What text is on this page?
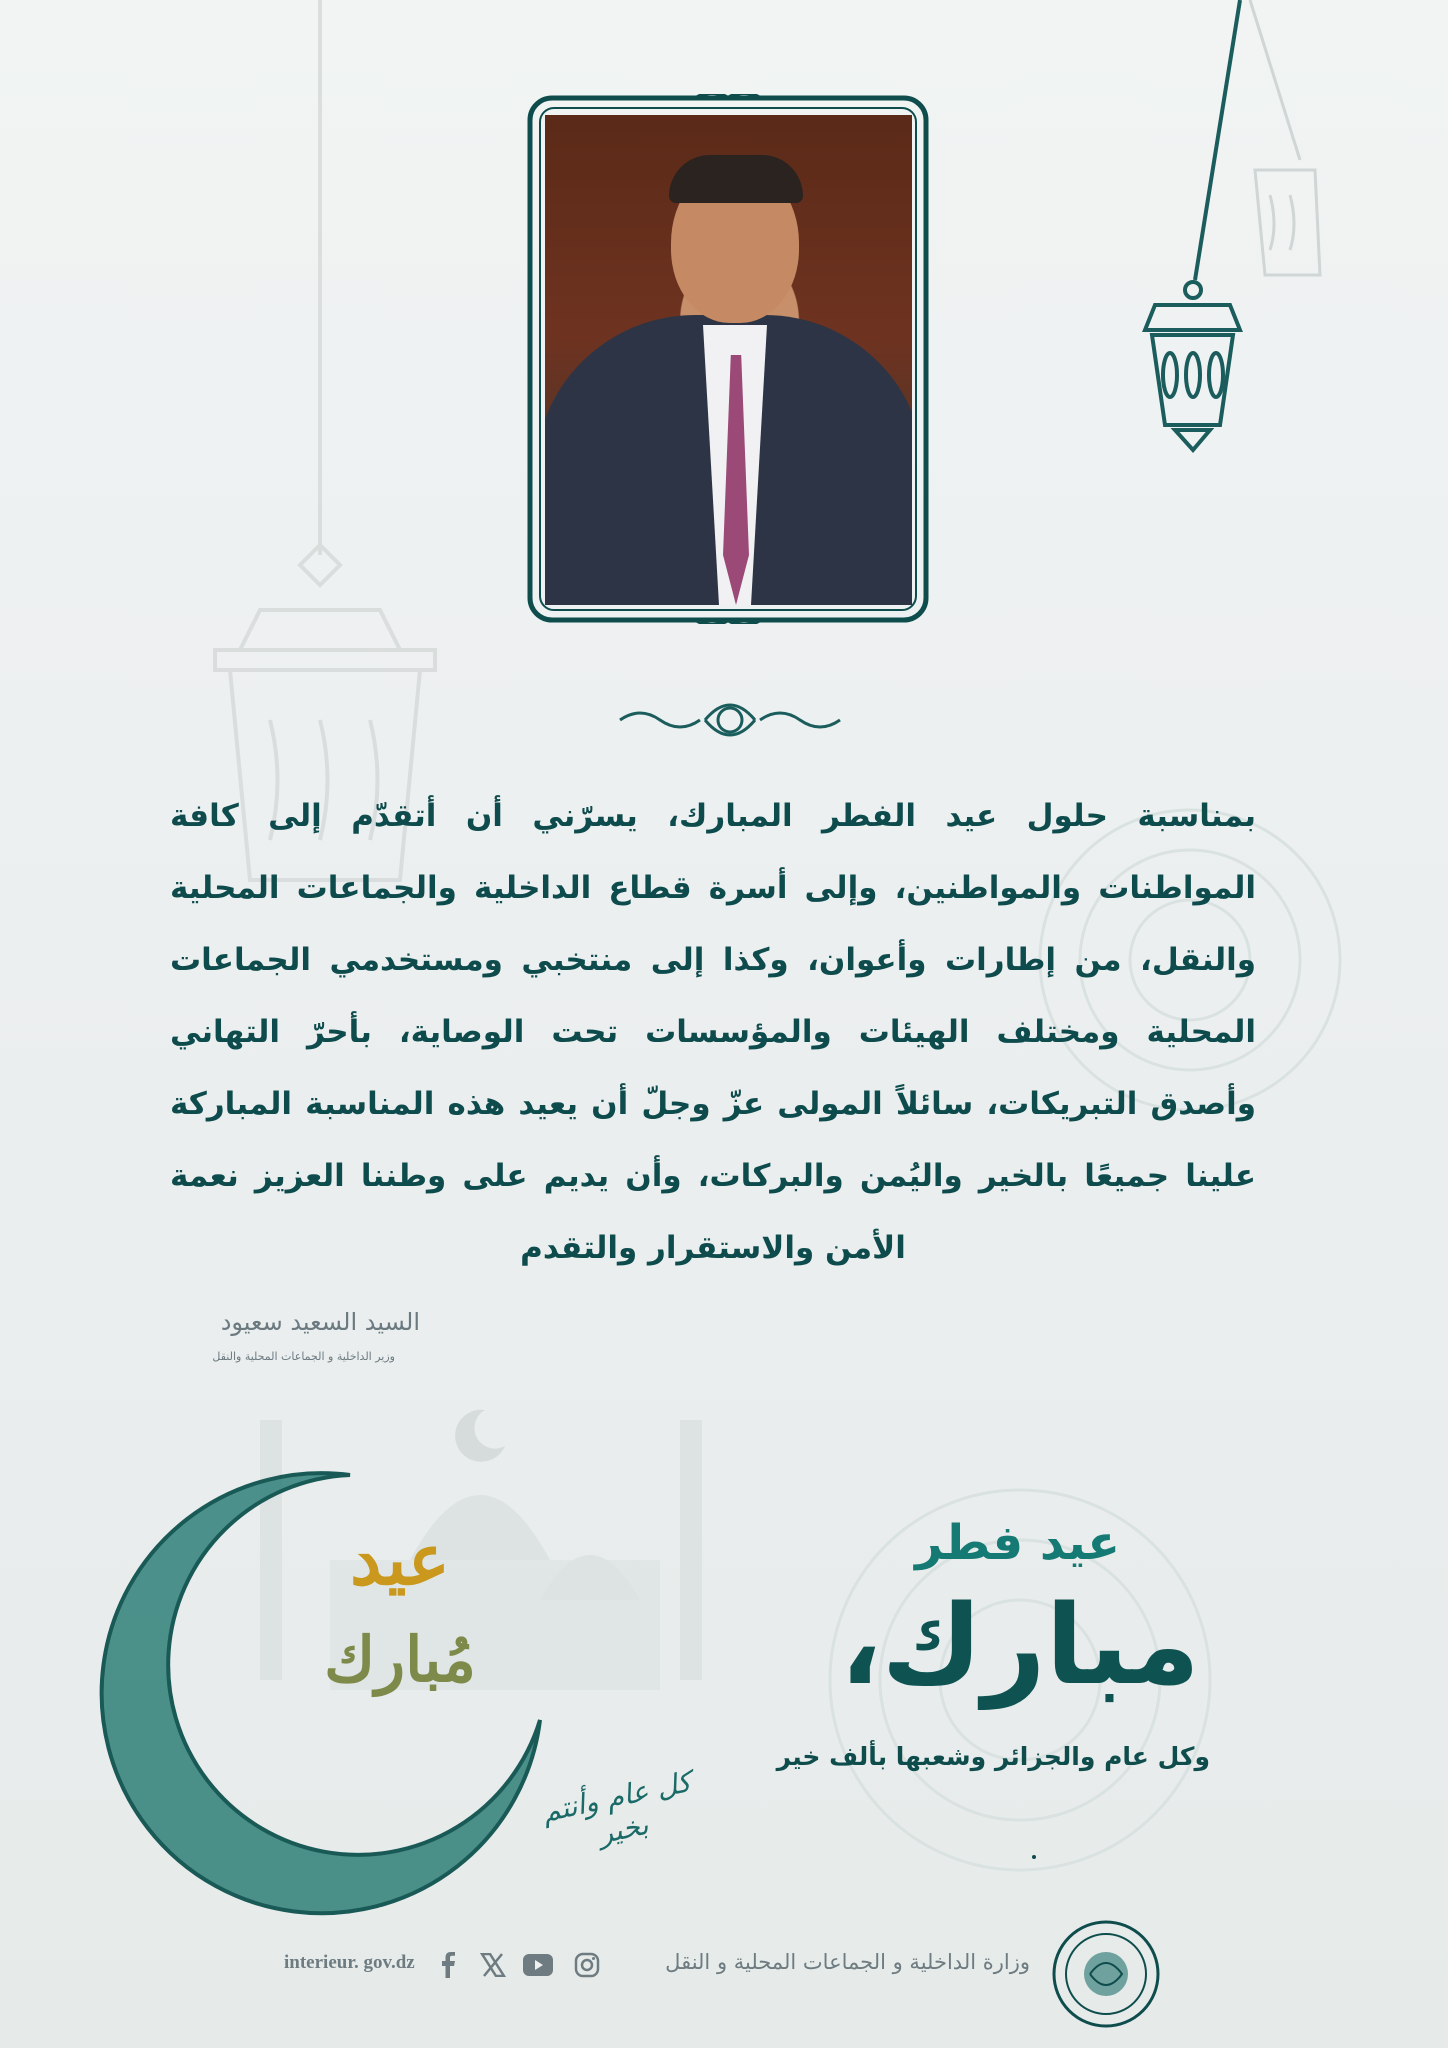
بمناسبة حلول عيد الفطر المبارك، يسرّني أن أتقدّم إلى كافة المواطنات والمواطنين، وإلى أسرة قطاع الداخلية والجماعات المحلية والنقل، من إطارات وأعوان، وكذا إلى منتخبي ومستخدمي الجماعات المحلية ومختلف الهيئات والمؤسسات تحت الوصاية، بأحرّ التهاني وأصدق التبريكات، سائلاً المولى عزّ وجلّ أن يعيد هذه المناسبة المباركة علينا جميعًا بالخير واليُمن والبركات، وأن يديم على وطننا العزيز نعمة الأمن والاستقرار والتقدم

السيد السعيد سعيود
وزير الداخلية و الجماعات المحلية والنقل
عيد فطر
مبارك،
وكل عام والجزائر وشعبها بألف خير
عيد
مُبارك
كل عام وأنتم بخير
interieur. gov.dz	وزارة الداخلية و الجماعات المحلية و النقل
